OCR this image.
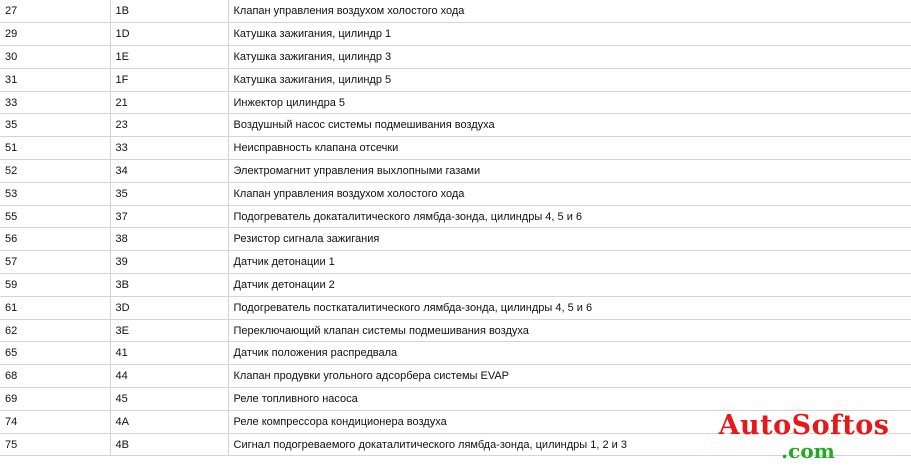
27	1B	Клапан управления воздухом холостого хода
29	1D	Катушка зажигания, цилиндр 1
30	1E	Катушка зажигания, цилиндр 3
31	1F	Катушка зажигания, цилиндр 5
33	21	Инжектор цилиндра 5
35	23	Воздушный насос системы подмешивания воздуха
51	33	Неисправность клапана отсечки
52	34	Электромагнит управления выхлопными газами
53	35	Клапан управления воздухом холостого хода
55	37	Подогреватель докаталитического лямбда-зонда, цилиндры 4, 5 и 6
56	38	Резистор сигнала зажигания
57	39	Датчик детонации 1
59	3B	Датчик детонации 2
61	3D	Подогреватель посткаталитического лямбда-зонда, цилиндры 4, 5 и 6
62	3E	Переключающий клапан системы подмешивания воздуха
65	41	Датчик положения распредвала
68	44	Клапан продувки угольного адсорбера системы EVAP
69	45	Реле топливного насоса
74	4A	Реле компрессора кондиционера воздуха
75	4B	Сигнал подогреваемого докаталитического лямбда-зонда, цилиндры 1, 2 и 3
AutoSoftos
.com
